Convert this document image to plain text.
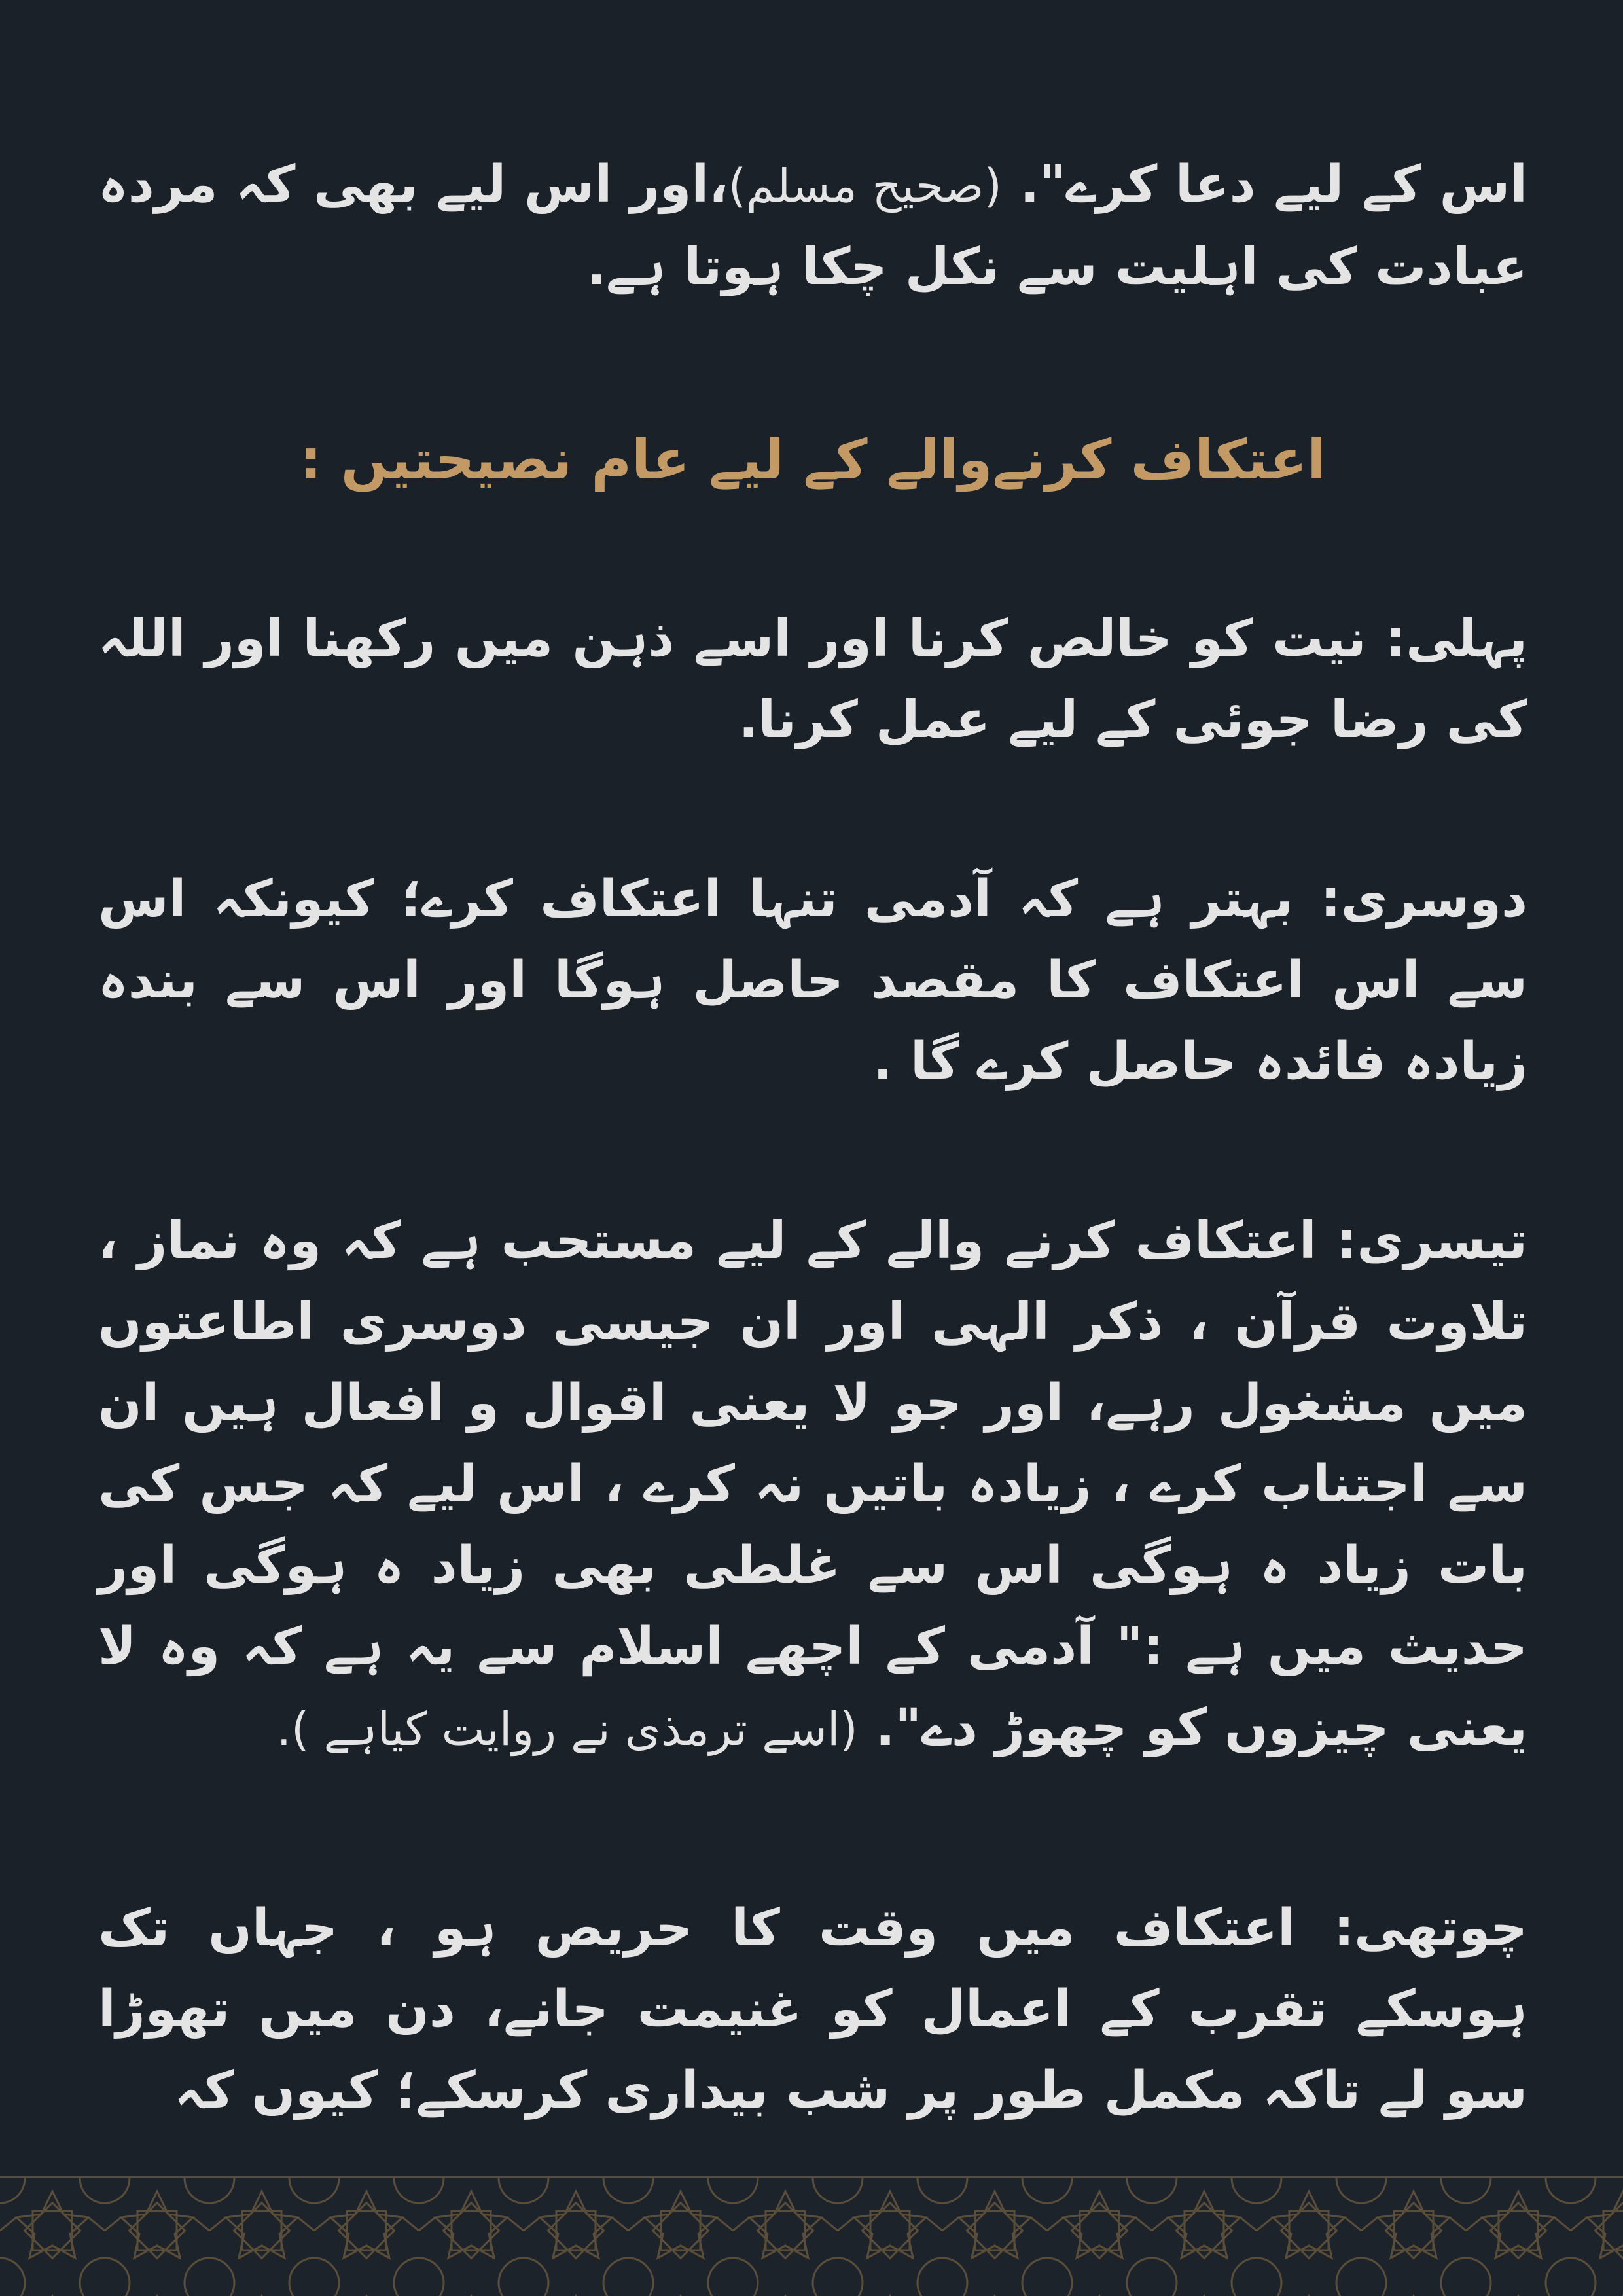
اس کے لیے دعا کرے". (صحیح مسلم)،اور اس لیے بھی کہ مردہ عبادت کی اہلیت سے نکل چکا ہوتا ہے.

اعتکاف کرنےوالے کے لیے عام نصیحتیں :

پہلی: نیت کو خالص کرنا اور اسے ذہن میں رکھنا اور اللہ کی رضا جوئی کے لیے عمل کرنا.

دوسری: بہتر ہے کہ آدمی تنہا اعتکاف کرے؛ کیونکہ اس سے اس اعتکاف کا مقصد حاصل ہوگا اور اس سے بندہ زیادہ فائدہ حاصل کرے گا .

تیسری: اعتکاف کرنے والے کے لیے مستحب ہے کہ وہ نماز ، تلاوت قرآن ، ذکر الہی اور ان جیسی دوسری اطاعتوں میں مشغول رہے، اور جو لا یعنی اقوال و افعال ہیں ان سے اجتناب کرے ، زیادہ باتیں نہ کرے ، اس لیے کہ جس کی بات زیاد ہ ہوگی اس سے غلطی بھی زیاد ہ ہوگی اور حدیث میں ہے :" آدمی کے اچھے اسلام سے یہ ہے کہ وہ لا یعنی چیزوں کو چھوڑ دے". (اسے ترمذی نے روایت کیاہے ).

چوتھی: اعتکاف میں وقت کا حریص ہو ، جہاں تک ہوسکے تقرب کے اعمال کو غنیمت جانے، دن میں تھوڑا سو لے تاکہ مکمل طور پر شب بیداری کرسکے؛ کیوں کہ
